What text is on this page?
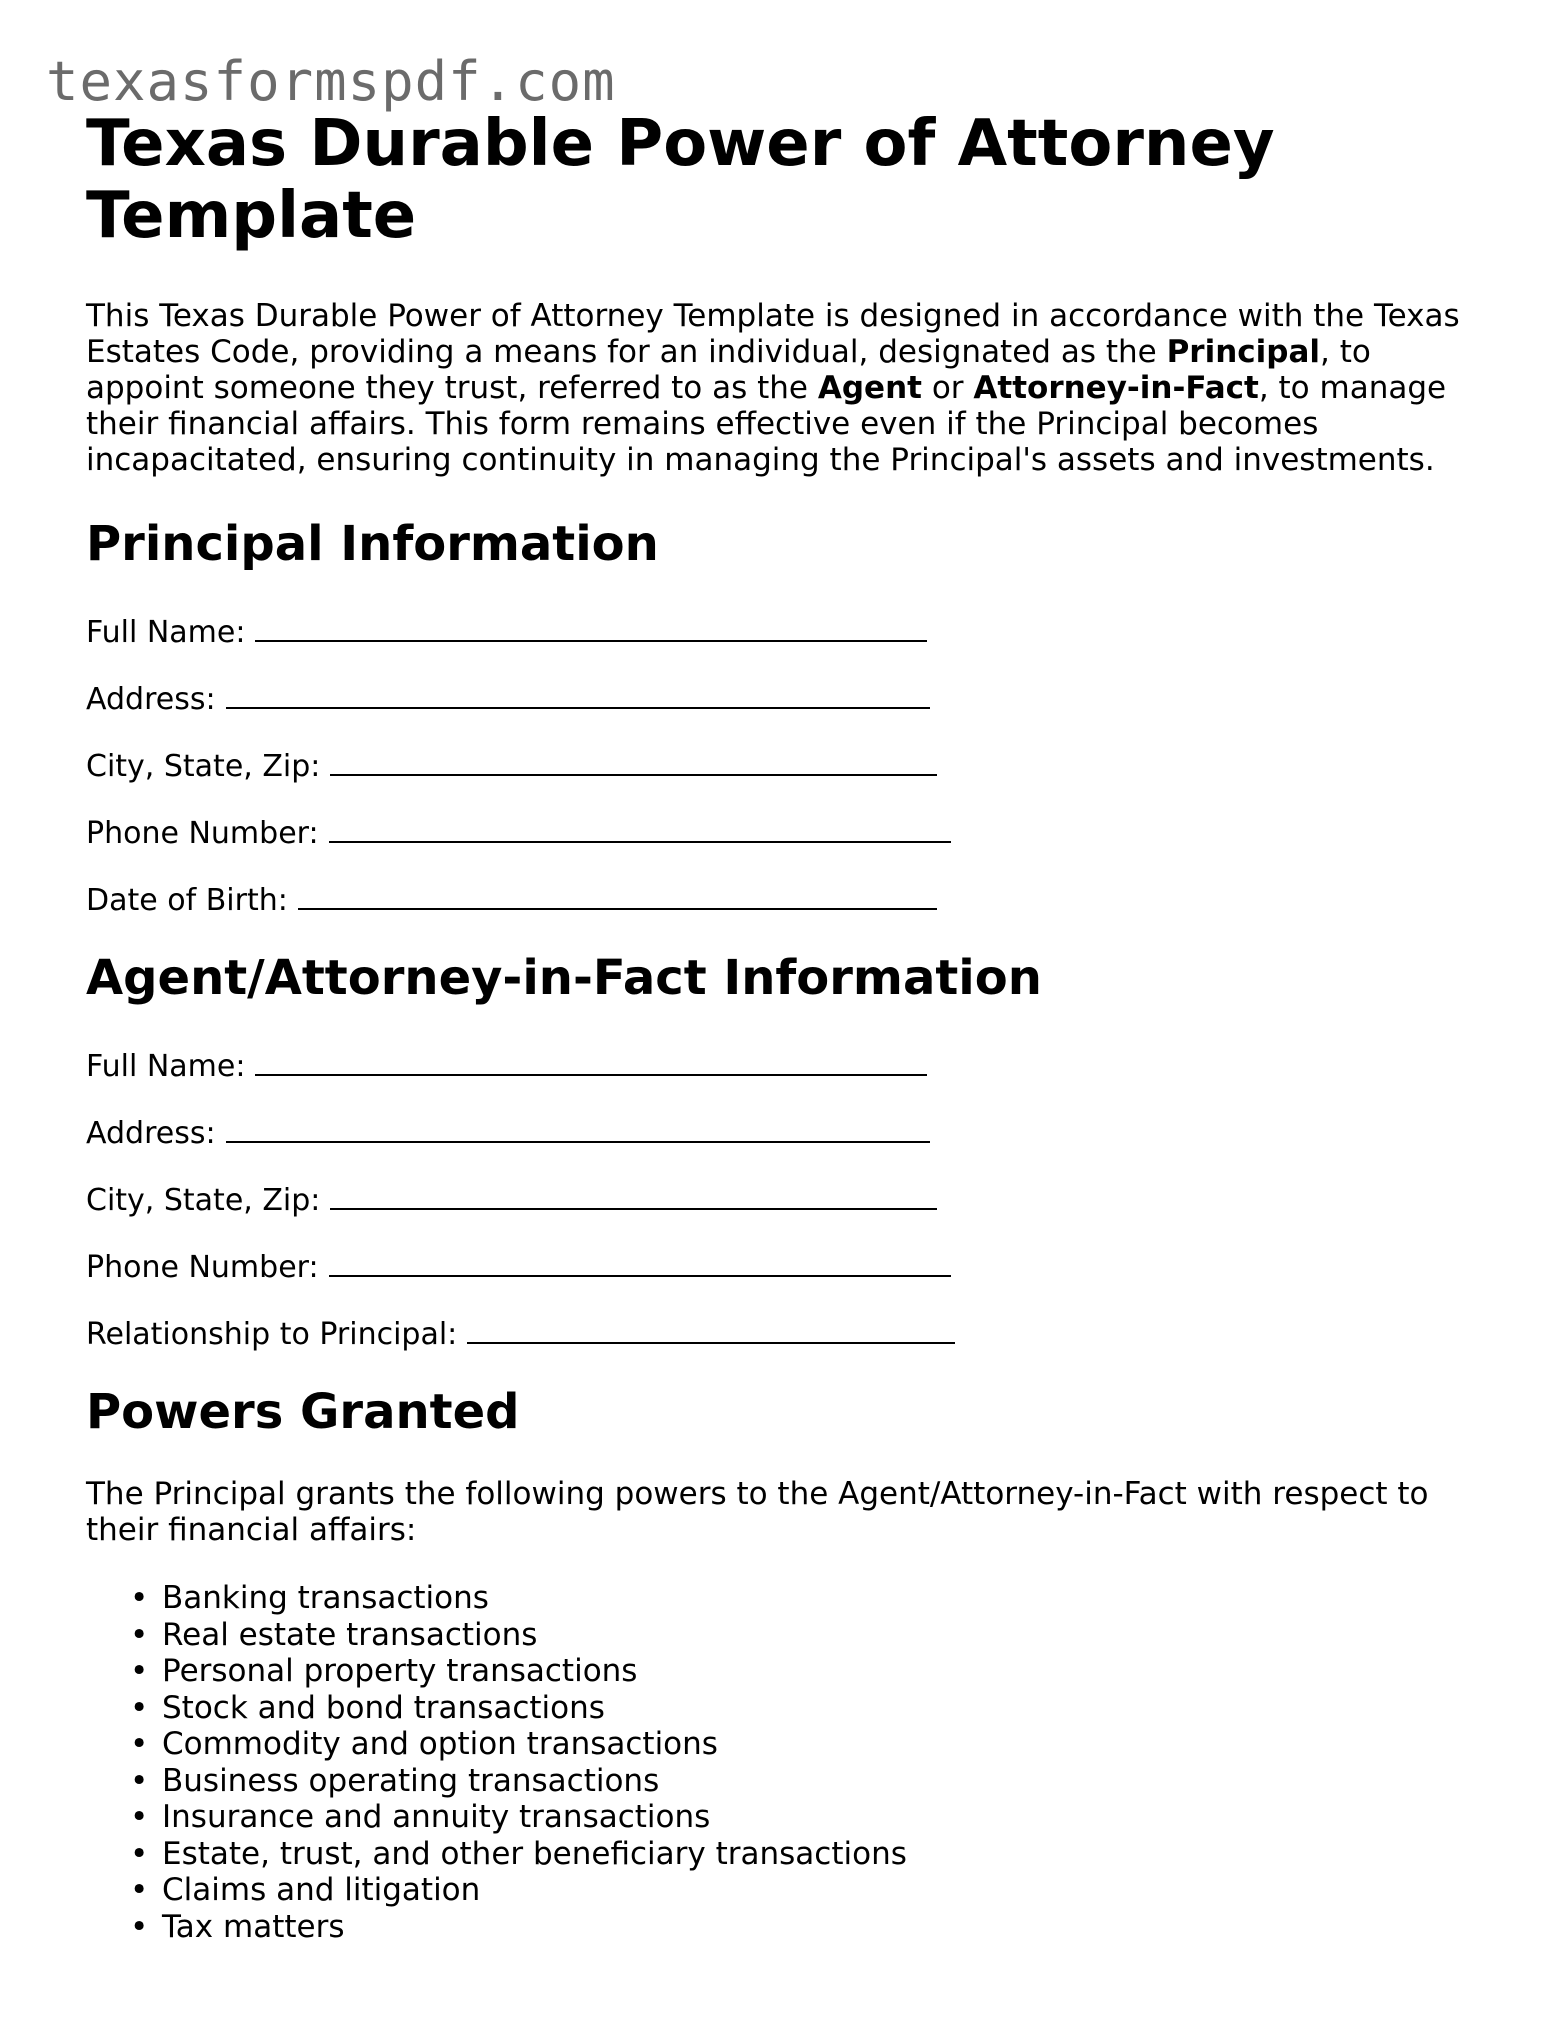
texasformspdf.com

Texas Durable Power of Attorney Template

This Texas Durable Power of Attorney Template is designed in accordance with the Texas Estates Code, providing a means for an individual, designated as the Principal, to appoint someone they trust, referred to as the Agent or Attorney-in-Fact, to manage their financial affairs. This form remains effective even if the Principal becomes incapacitated, ensuring continuity in managing the Principal's assets and investments.

Principal Information

Full Name:

Address:

City, State, Zip:

Phone Number:

Date of Birth:

Agent/Attorney-in-Fact Information

Full Name:

Address:

City, State, Zip:

Phone Number:

Relationship to Principal:

Powers Granted

The Principal grants the following powers to the Agent/Attorney-in-Fact with respect to their financial affairs:

• Banking transactions
• Real estate transactions
• Personal property transactions
• Stock and bond transactions
• Commodity and option transactions
• Business operating transactions
• Insurance and annuity transactions
• Estate, trust, and other beneficiary transactions
• Claims and litigation
• Tax matters
